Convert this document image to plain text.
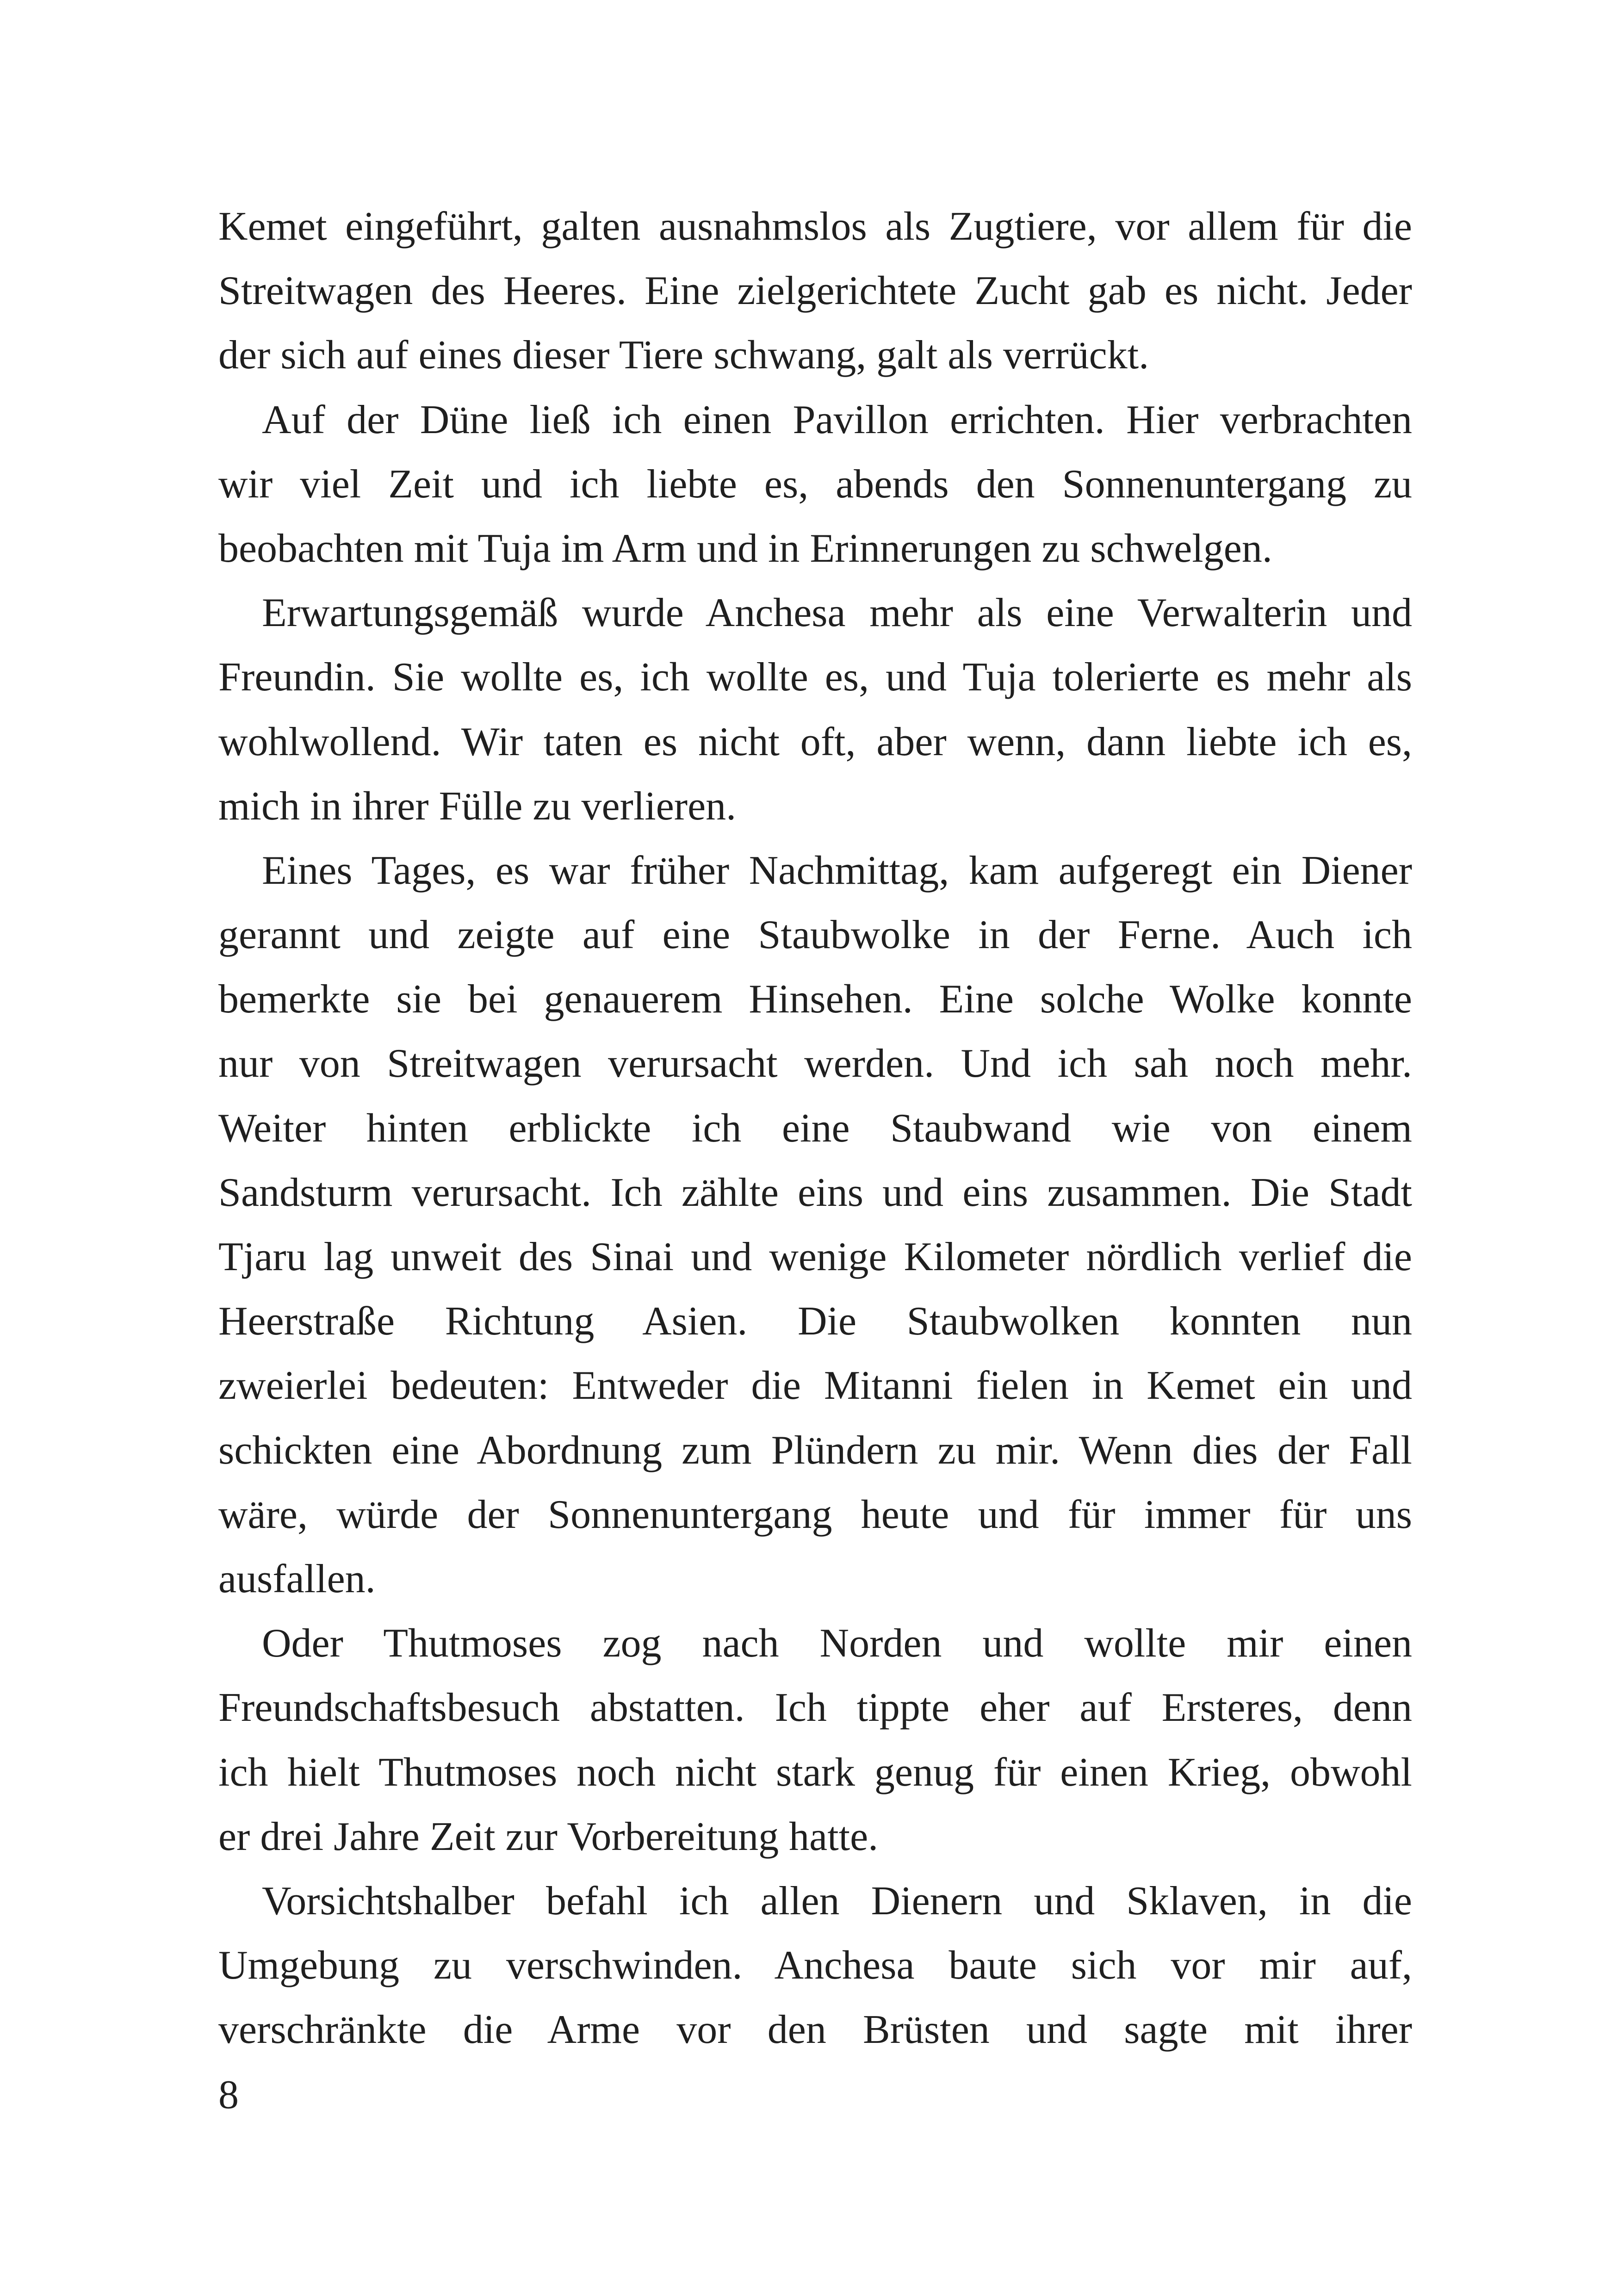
Kemet eingeführt, galten ausnahmslos als Zugtiere, vor allem für die
Streitwagen des Heeres. Eine zielgerichtete Zucht gab es nicht. Jeder
der sich auf eines dieser Tiere schwang, galt als verrückt.
Auf der Düne ließ ich einen Pavillon errichten. Hier verbrachten
wir viel Zeit und ich liebte es, abends den Sonnenuntergang zu
beobachten mit Tuja im Arm und in Erinnerungen zu schwelgen.
Erwartungsgemäß wurde Anchesa mehr als eine Verwalterin und
Freundin. Sie wollte es, ich wollte es, und Tuja tolerierte es mehr als
wohlwollend. Wir taten es nicht oft, aber wenn, dann liebte ich es,
mich in ihrer Fülle zu verlieren.
Eines Tages, es war früher Nachmittag, kam aufgeregt ein Diener
gerannt und zeigte auf eine Staubwolke in der Ferne. Auch ich
bemerkte sie bei genauerem Hinsehen. Eine solche Wolke konnte
nur von Streitwagen verursacht werden. Und ich sah noch mehr.
Weiter hinten erblickte ich eine Staubwand wie von einem
Sandsturm verursacht. Ich zählte eins und eins zusammen. Die Stadt
Tjaru lag unweit des Sinai und wenige Kilometer nördlich verlief die
Heerstraße Richtung Asien. Die Staubwolken konnten nun
zweierlei bedeuten: Entweder die Mitanni fielen in Kemet ein und
schickten eine Abordnung zum Plündern zu mir. Wenn dies der Fall
wäre, würde der Sonnenuntergang heute und für immer für uns
ausfallen.
Oder Thutmoses zog nach Norden und wollte mir einen
Freundschaftsbesuch abstatten. Ich tippte eher auf Ersteres, denn
ich hielt Thutmoses noch nicht stark genug für einen Krieg, obwohl
er drei Jahre Zeit zur Vorbereitung hatte.
Vorsichtshalber befahl ich allen Dienern und Sklaven, in die
Umgebung zu verschwinden. Anchesa baute sich vor mir auf,
verschränkte die Arme vor den Brüsten und sagte mit ihrer
8
